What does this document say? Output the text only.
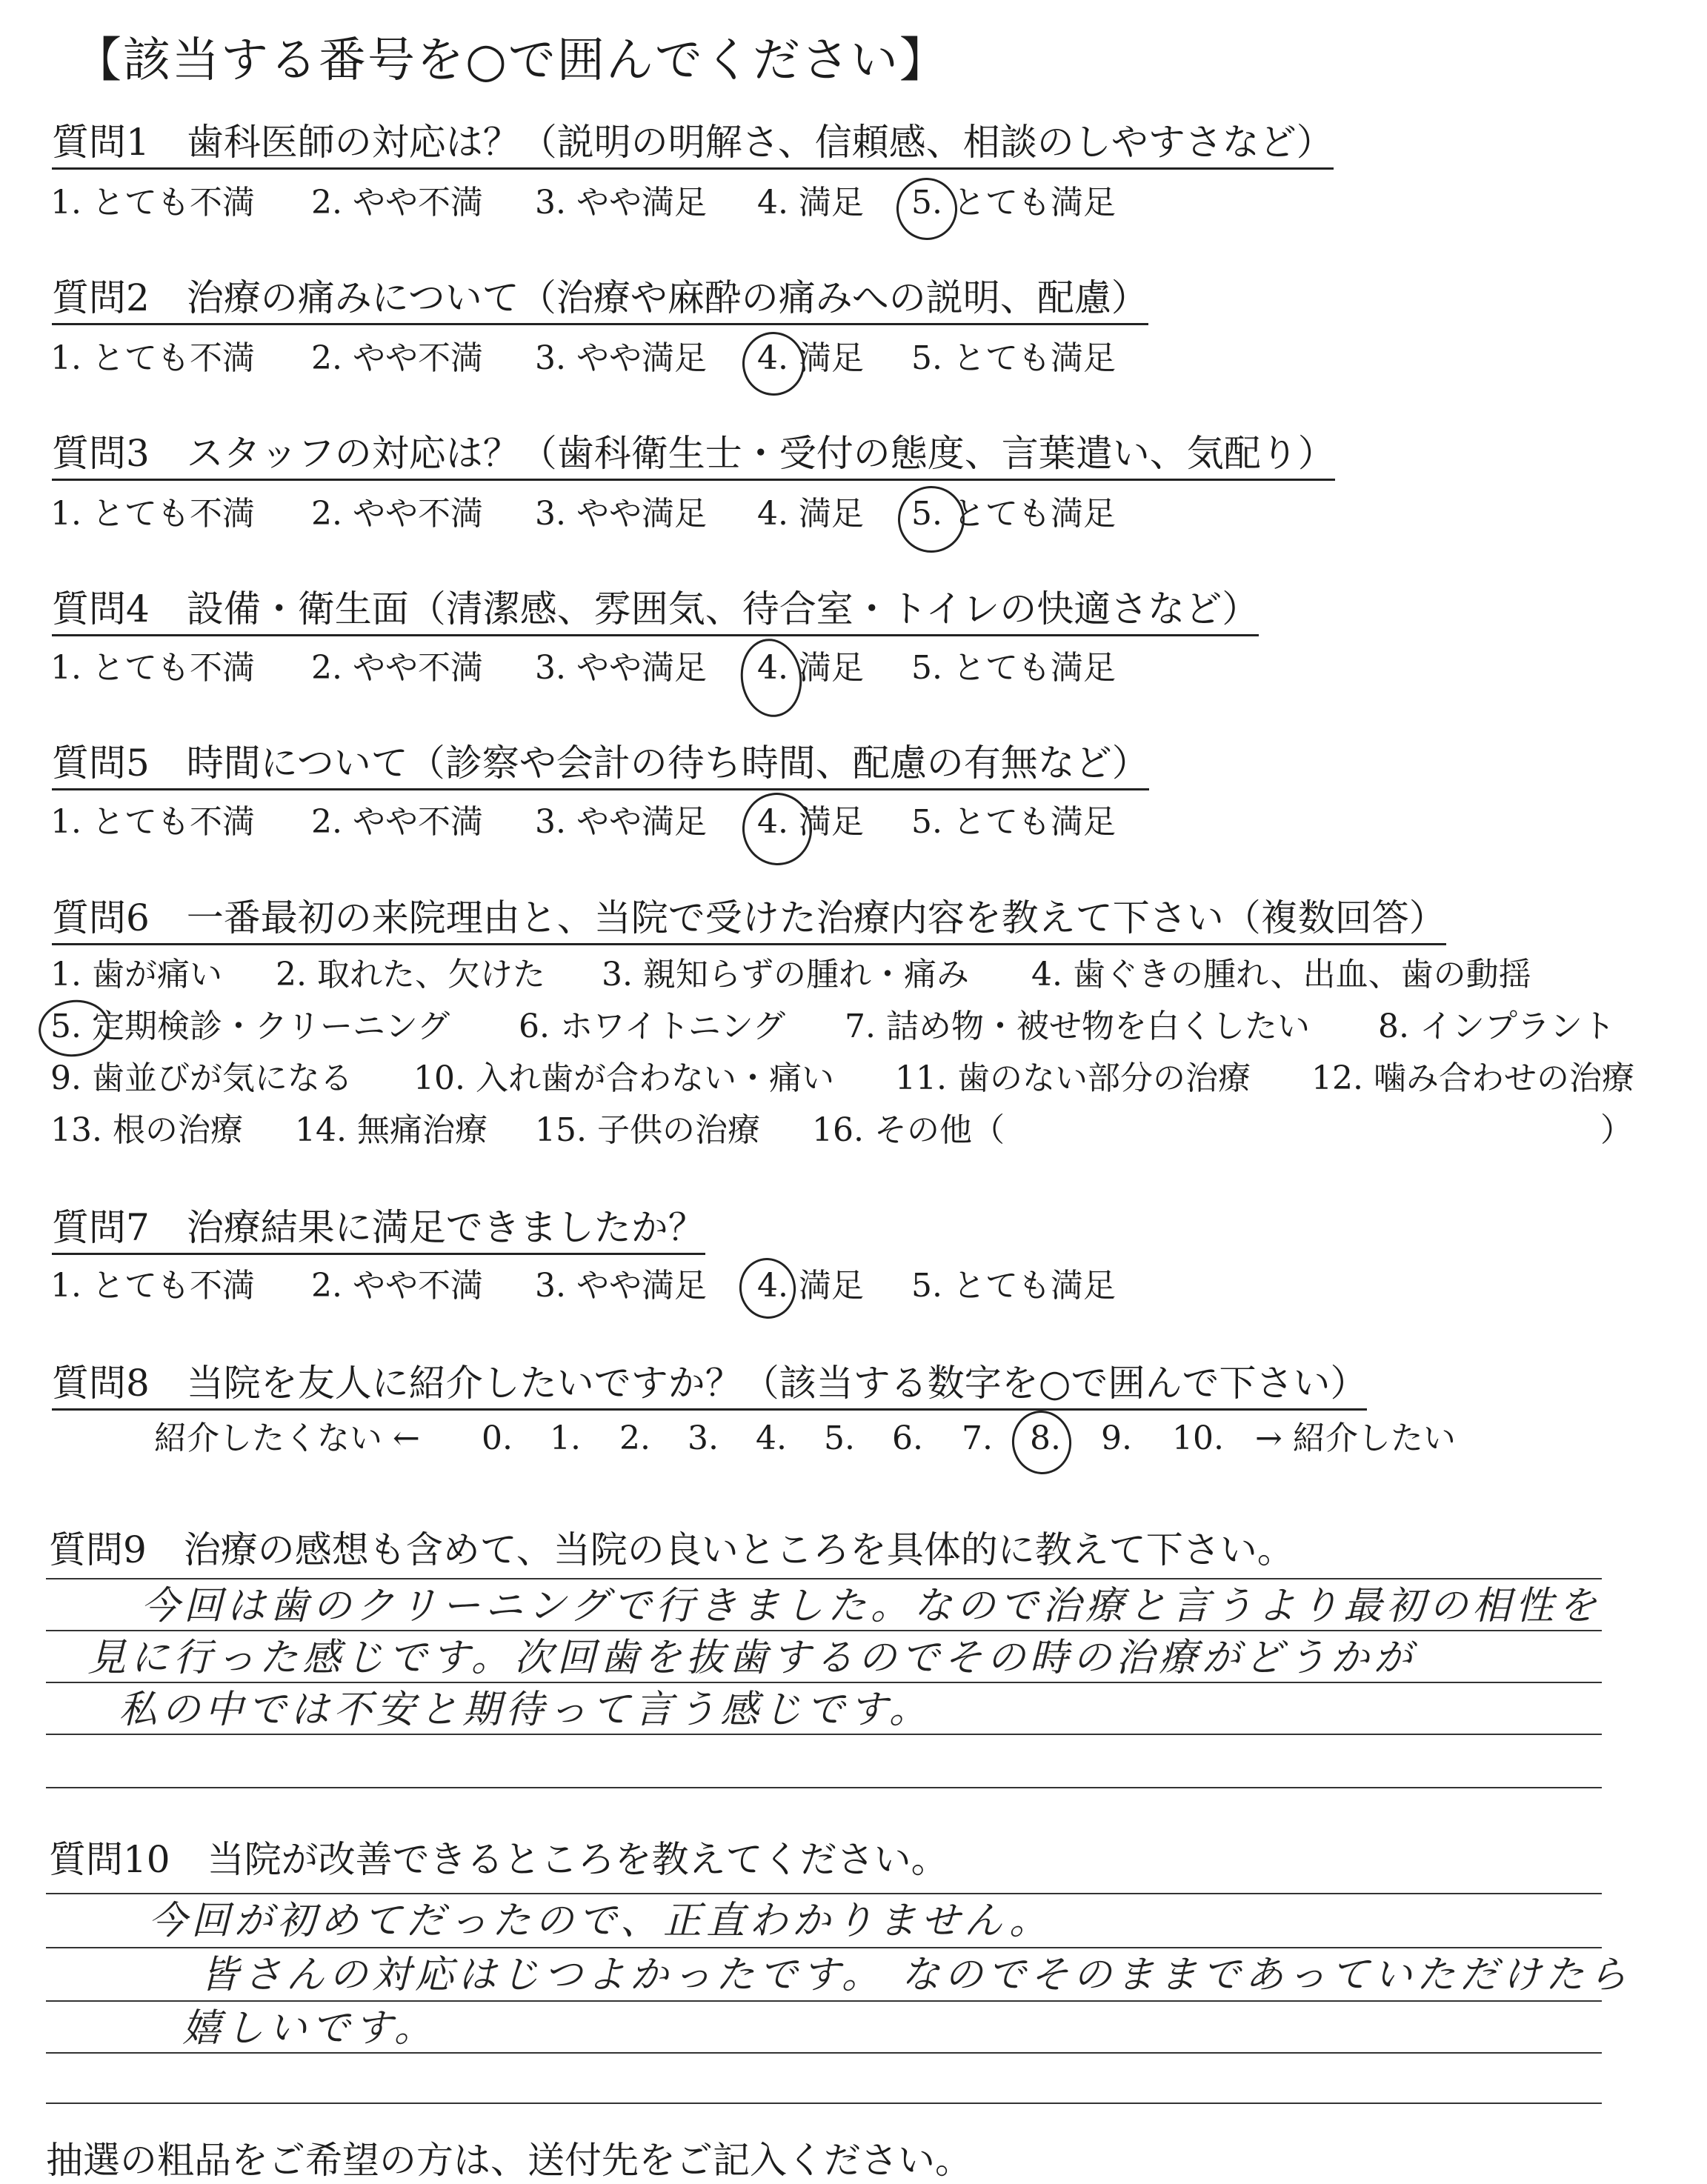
【該当する番号を○で囲んでください】
質問1　歯科医師の対応は？（説明の明解さ、信頼感、相談のしやすさなど）
1. とても不満 2. やや不満 3. やや満足 4. 満足 5. とても満足
質問2　治療の痛みについて（治療や麻酔の痛みへの説明、配慮）
1. とても不満 2. やや不満 3. やや満足 4. 満足 5. とても満足
質問3　スタッフの対応は？（歯科衛生士・受付の態度、言葉遣い、気配り）
1. とても不満 2. やや不満 3. やや満足 4. 満足 5. とても満足
質問4　設備・衛生面（清潔感、雰囲気、待合室・トイレの快適さなど）
1. とても不満 2. やや不満 3. やや満足 4. 満足 5. とても満足
質問5　時間について（診察や会計の待ち時間、配慮の有無など）
1. とても不満 2. やや不満 3. やや満足 4. 満足 5. とても満足
質問6　一番最初の来院理由と、当院で受けた治療内容を教えて下さい（複数回答）
1. 歯が痛い 2. 取れた、欠けた 3. 親知らずの腫れ・痛み 4. 歯ぐきの腫れ、出血、歯の動揺
5. 定期検診・クリーニング 6. ホワイトニング 7. 詰め物・被せ物を白くしたい 8. インプラント
9. 歯並びが気になる 10. 入れ歯が合わない・痛い 11. 歯のない部分の治療 12. 噛み合わせの治療
13. 根の治療 14. 無痛治療 15. 子供の治療 16. その他（	）
質問7　治療結果に満足できましたか？
1. とても不満 2. やや不満 3. やや満足 4. 満足 5. とても満足
質問8　当院を友人に紹介したいですか？（該当する数字を○で囲んで下さい）
紹介したくない ← 0. 1. 2. 3. 4. 5. 6. 7. 8. 9. 10. → 紹介したい
質問9　治療の感想も含めて、当院の良いところを具体的に教えて下さい。
今回は歯のクリーニングで行きました。なので治療と言うより最初の相性を
見に行った感じです。次回歯を抜歯するのでその時の治療がどうかが
私の中では不安と期待って言う感じです。
質問10　当院が改善できるところを教えてください。
今回が初めてだったので、正直わかりません。
皆さんの対応はじつよかったです。 なのでそのままであっていただけたら
嬉しいです。
抽選の粗品をご希望の方は、送付先をご記入ください。
